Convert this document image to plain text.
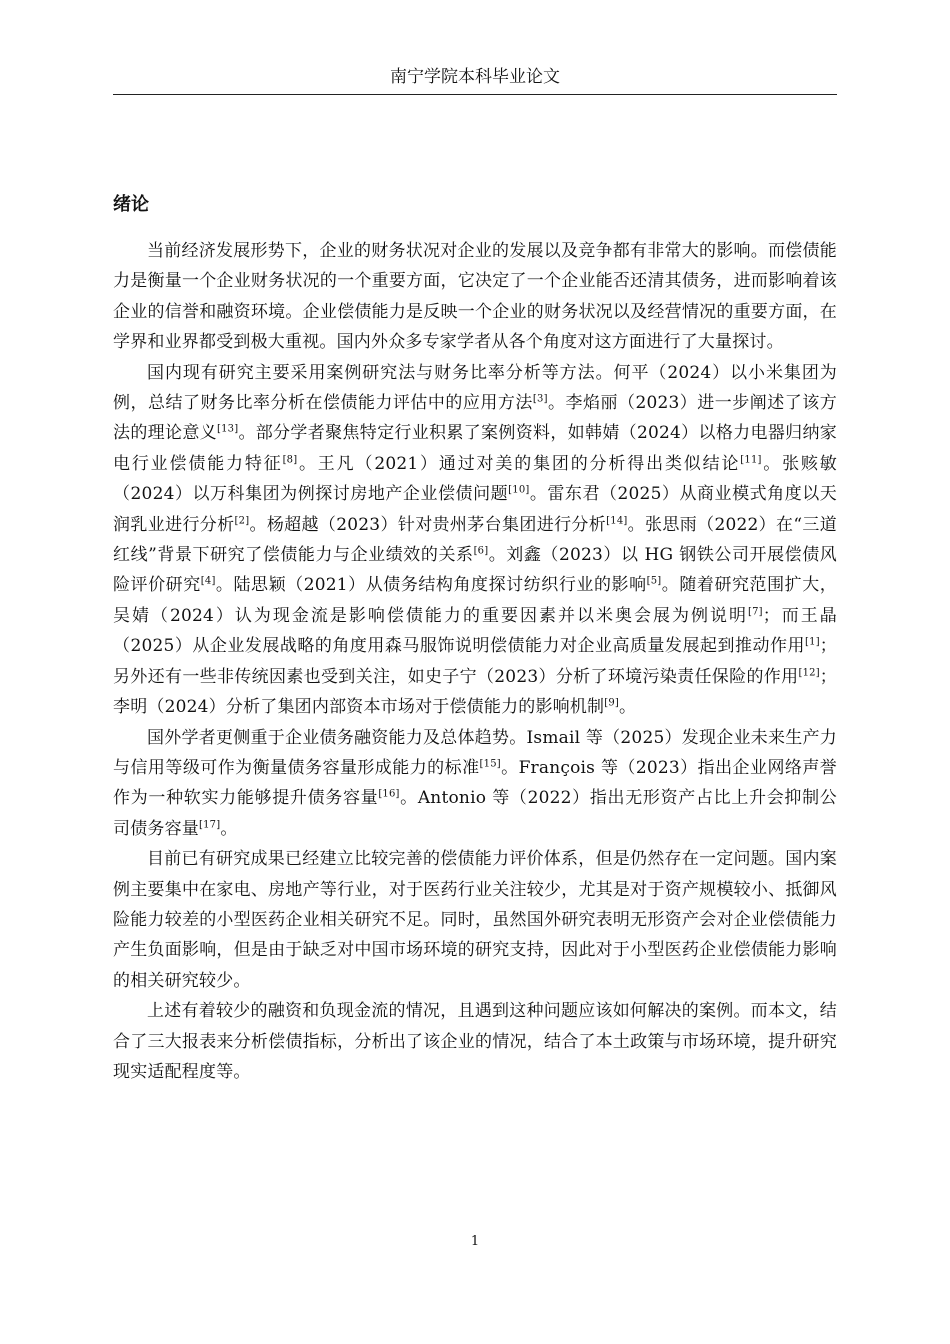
南宁学院本科毕业论文
绪论

当前经济发展形势下，企业的财务状况对企业的发展以及竞争都有非常大的影响。而偿债能力是衡量一个企业财务状况的一个重要方面，它决定了一个企业能否还清其债务，进而影响着该企业的信誉和融资环境。企业偿债能力是反映一个企业的财务状况以及经营情况的重要方面，在学界和业界都受到极大重视。国内外众多专家学者从各个角度对这方面进行了大量探讨。

国内现有研究主要采用案例研究法与财务比率分析等方法。何平（2024）以小米集团为例，总结了财务比率分析在偿债能力评估中的应用方法[3]。李焰丽（2023）进一步阐述了该方法的理论意义[13]。部分学者聚焦特定行业积累了案例资料，如韩婧（2024）以格力电器归纳家电行业偿债能力特征[8]。王凡（2021）通过对美的集团的分析得出类似结论[11]。张赅敏（2024）以万科集团为例探讨房地产企业偿债问题[10]。雷东君（2025）从商业模式角度以天润乳业进行分析[2]。杨超越（2023）针对贵州茅台集团进行分析[14]。张思雨（2022）在“三道红线”背景下研究了偿债能力与企业绩效的关系[6]。刘鑫（2023）以 HG 钢铁公司开展偿债风险评价研究[4]。陆思颖（2021）从债务结构角度探讨纺织行业的影响[5]。随着研究范围扩大，吴婧（2024）认为现金流是影响偿债能力的重要因素并以米奥会展为例说明[7]；而王晶（2025）从企业发展战略的角度用森马服饰说明偿债能力对企业高质量发展起到推动作用[1]；另外还有一些非传统因素也受到关注，如史子宁（2023）分析了环境污染责任保险的作用[12]；李明（2024）分析了集团内部资本市场对于偿债能力的影响机制[9]。

国外学者更侧重于企业债务融资能力及总体趋势。Ismail 等（2025）发现企业未来生产力与信用等级可作为衡量债务容量形成能力的标准[15]。François 等（2023）指出企业网络声誉作为一种软实力能够提升债务容量[16]。Antonio 等（2022）指出无形资产占比上升会抑制公司债务容量[17]。

目前已有研究成果已经建立比较完善的偿债能力评价体系，但是仍然存在一定问题。国内案例主要集中在家电、房地产等行业，对于医药行业关注较少，尤其是对于资产规模较小、抵御风险能力较差的小型医药企业相关研究不足。同时，虽然国外研究表明无形资产会对企业偿债能力产生负面影响，但是由于缺乏对中国市场环境的研究支持，因此对于小型医药企业偿债能力影响的相关研究较少。

上述有着较少的融资和负现金流的情况，且遇到这种问题应该如何解决的案例。而本文，结合了三大报表来分析偿债指标，分析出了该企业的情况，结合了本土政策与市场环境，提升研究现实适配程度等。

1
